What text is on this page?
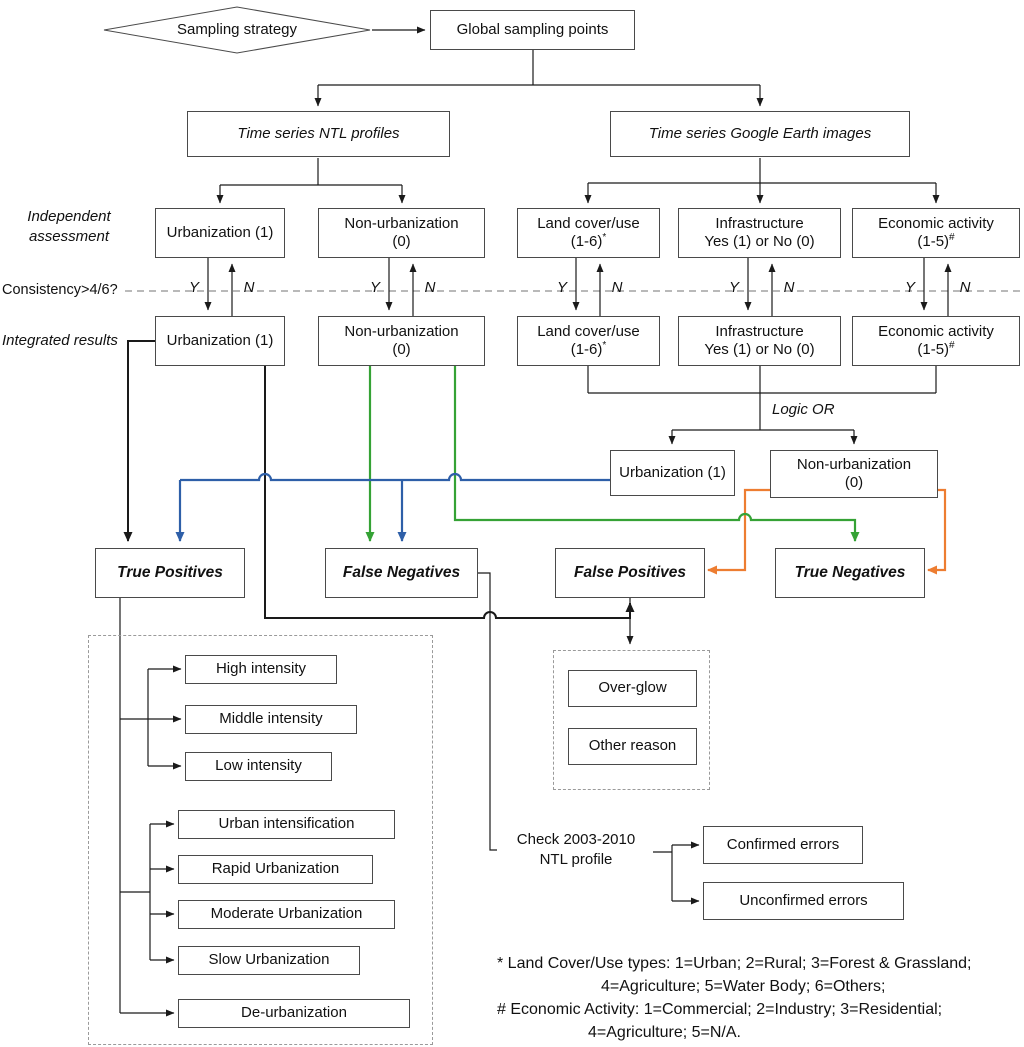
Sampling strategy	Global sampling points
Time series NTL profiles	Time series Google Earth images
Urbanization (1)
Non-urbanization
(0)
Land cover/use
(1-6)*
Infrastructure
Yes (1) or No (0)
Economic activity
(1-5)#
Urbanization (1)
Non-urbanization
(0)
Land cover/use
(1-6)*
Infrastructure
Yes (1) or No (0)
Economic activity
(1-5)#
Urbanization (1)	Non-urbanization
(0)
True Positives	False Negatives	False Positives	True Negatives
High intensity
Middle intensity
Low intensity
Urban intensification
Rapid Urbanization
Moderate Urbanization
Slow Urbanization
De-urbanization
Over-glow
Other reason
Check 2003-2010
NTL profile
Confirmed errors
Unconfirmed errors
Independent
assessment
Consistency>4/6?
Integrated results
Logic OR
Y	N	Y	N	Y	N	Y	N	Y	N
* Land Cover/Use types: 1=Urban; 2=Rural; 3=Forest & Grassland;
4=Agriculture; 5=Water Body; 6=Others;
# Economic Activity: 1=Commercial; 2=Industry; 3=Residential;
4=Agriculture; 5=N/A.
